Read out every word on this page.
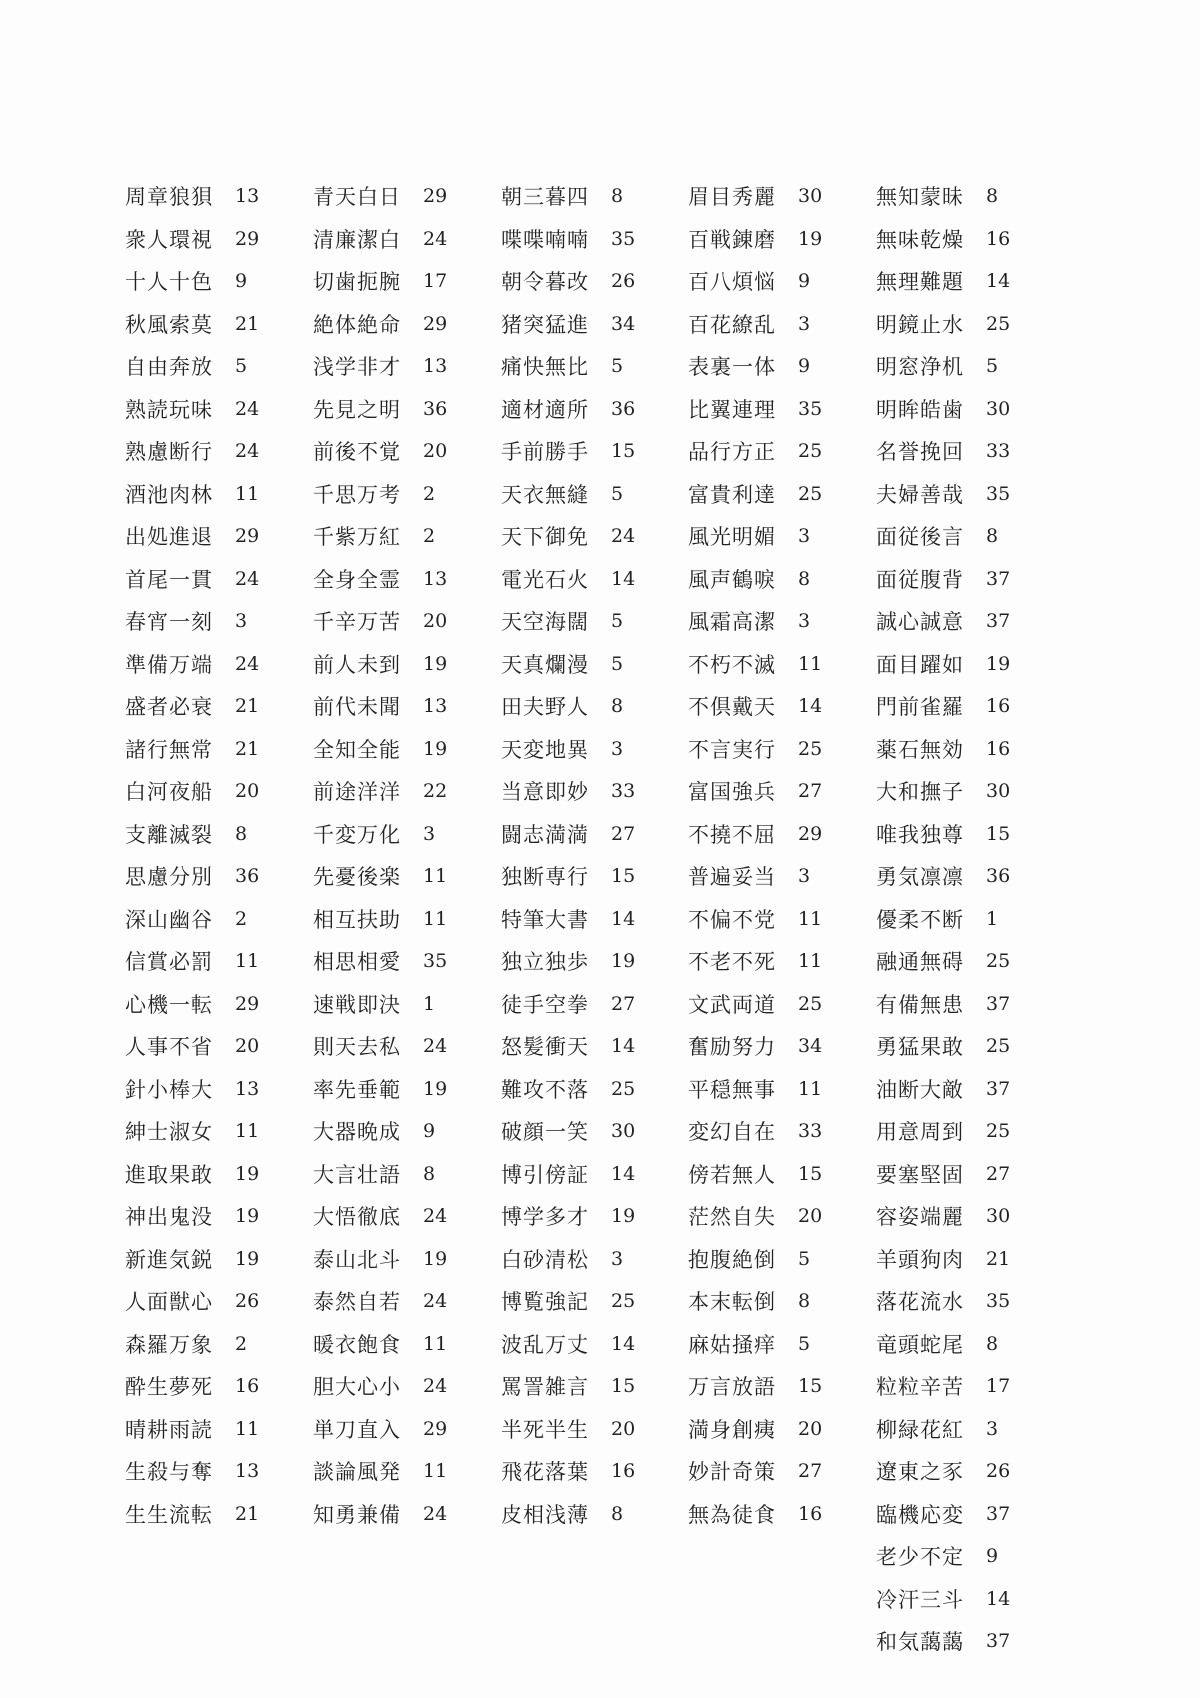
周章狼狽	13
衆人環視	29
十人十色	9
秋風索莫	21
自由奔放	5
熟読玩味	24
熟慮断行	24
酒池肉林	11
出処進退	29
首尾一貫	24
春宵一刻	3
準備万端	24
盛者必衰	21
諸行無常	21
白河夜船	20
支離滅裂	8
思慮分別	36
深山幽谷	2
信賞必罰	11
心機一転	29
人事不省	20
針小棒大	13
紳士淑女	11
進取果敢	19
神出鬼没	19
新進気鋭	19
人面獣心	26
森羅万象	2
酔生夢死	16
晴耕雨読	11
生殺与奪	13
生生流転	21
青天白日	29
清廉潔白	24
切歯扼腕	17
絶体絶命	29
浅学非才	13
先見之明	36
前後不覚	20
千思万考	2
千紫万紅	2
全身全霊	13
千辛万苦	20
前人未到	19
前代未聞	13
全知全能	19
前途洋洋	22
千変万化	3
先憂後楽	11
相互扶助	11
相思相愛	35
速戦即決	1
則天去私	24
率先垂範	19
大器晩成	9
大言壮語	8
大悟徹底	24
泰山北斗	19
泰然自若	24
暖衣飽食	11
胆大心小	24
単刀直入	29
談論風発	11
知勇兼備	24
朝三暮四	8
喋喋喃喃	35
朝令暮改	26
猪突猛進	34
痛快無比	5
適材適所	36
手前勝手	15
天衣無縫	5
天下御免	24
電光石火	14
天空海闊	5
天真爛漫	5
田夫野人	8
天変地異	3
当意即妙	33
闘志満満	27
独断専行	15
特筆大書	14
独立独歩	19
徒手空拳	27
怒髪衝天	14
難攻不落	25
破顔一笑	30
博引傍証	14
博学多才	19
白砂清松	3
博覧強記	25
波乱万丈	14
罵詈雑言	15
半死半生	20
飛花落葉	16
皮相浅薄	8
眉目秀麗	30
百戦錬磨	19
百八煩悩	9
百花繚乱	3
表裏一体	9
比翼連理	35
品行方正	25
富貴利達	25
風光明媚	3
風声鶴唳	8
風霜高潔	3
不朽不滅	11
不倶戴天	14
不言実行	25
富国強兵	27
不撓不屈	29
普遍妥当	3
不偏不党	11
不老不死	11
文武両道	25
奮励努力	34
平穏無事	11
変幻自在	33
傍若無人	15
茫然自失	20
抱腹絶倒	5
本末転倒	8
麻姑掻痒	5
万言放語	15
満身創痍	20
妙計奇策	27
無為徒食	16
無知蒙昧	8
無味乾燥	16
無理難題	14
明鏡止水	25
明窓浄机	5
明眸皓歯	30
名誉挽回	33
夫婦善哉	35
面従後言	8
面従腹背	37
誠心誠意	37
面目躍如	19
門前雀羅	16
薬石無効	16
大和撫子	30
唯我独尊	15
勇気凛凛	36
優柔不断	1
融通無碍	25
有備無患	37
勇猛果敢	25
油断大敵	37
用意周到	25
要塞堅固	27
容姿端麗	30
羊頭狗肉	21
落花流水	35
竜頭蛇尾	8
粒粒辛苦	17
柳緑花紅	3
遼東之豕	26
臨機応変	37
老少不定	9
冷汗三斗	14
和気藹藹	37
